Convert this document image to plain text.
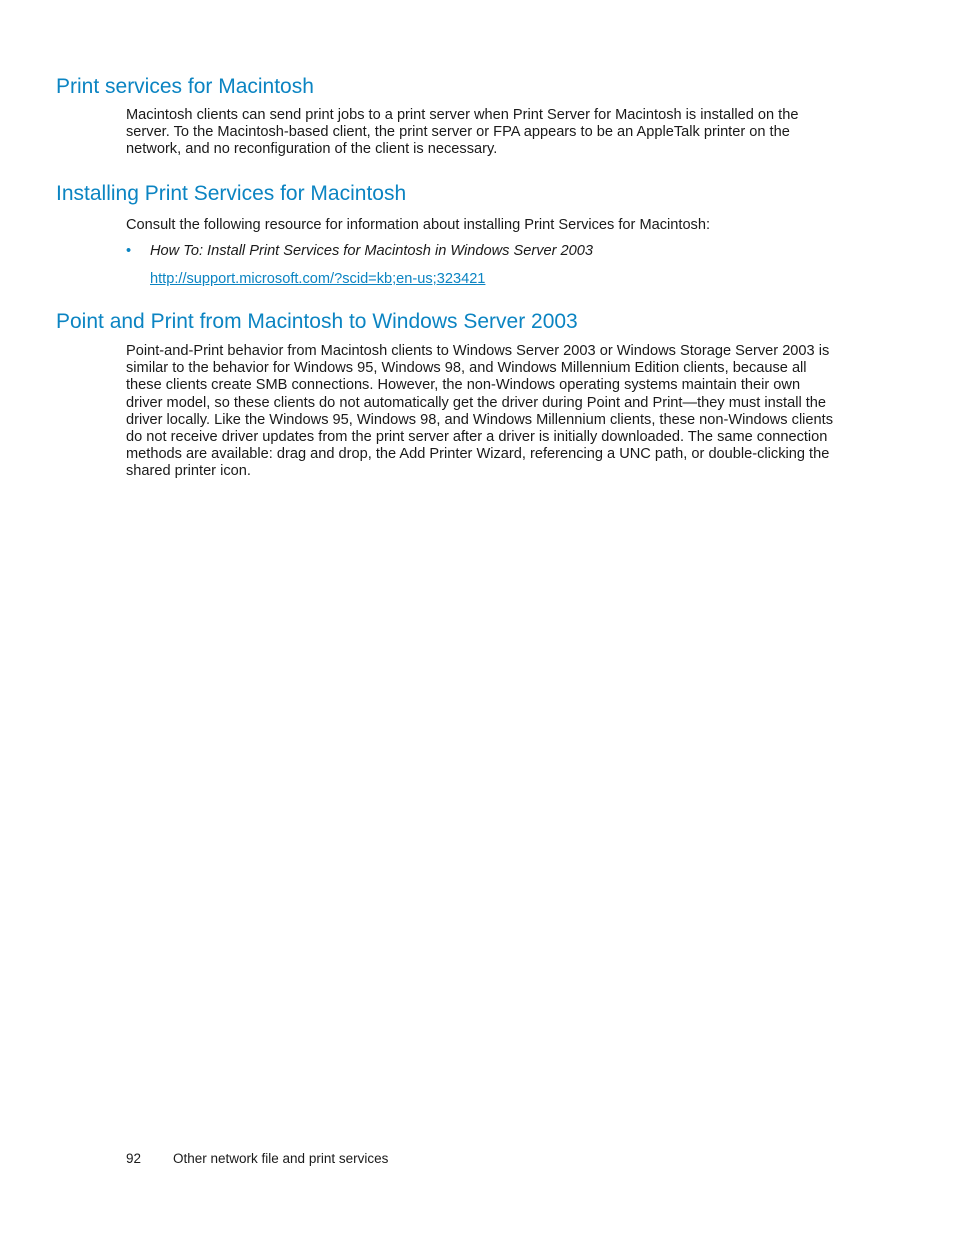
Print services for Macintosh

Macintosh clients can send print jobs to a print server when Print Server for Macintosh is installed on the server. To the Macintosh-based client, the print server or FPA appears to be an AppleTalk printer on the network, and no reconfiguration of the client is necessary.

Installing Print Services for Macintosh

Consult the following resource for information about installing Print Services for Macintosh:

• How To: Install Print Services for Macintosh in Windows Server 2003
http://support.microsoft.com/?scid=kb;en-us;323421
Point and Print from Macintosh to Windows Server 2003

Point-and-Print behavior from Macintosh clients to Windows Server 2003 or Windows Storage Server 2003 is similar to the behavior for Windows 95, Windows 98, and Windows Millennium Edition clients, because all these clients create SMB connections. However, the non-Windows operating systems maintain their own driver model, so these clients do not automatically get the driver during Point and Print—they must install the driver locally. Like the Windows 95, Windows 98, and Windows Millennium clients, these non-Windows clients do not receive driver updates from the print server after a driver is initially downloaded. The same connection methods are available: drag and drop, the Add Printer Wizard, referencing a UNC path, or double-clicking the shared printer icon.

92 Other network file and print services
